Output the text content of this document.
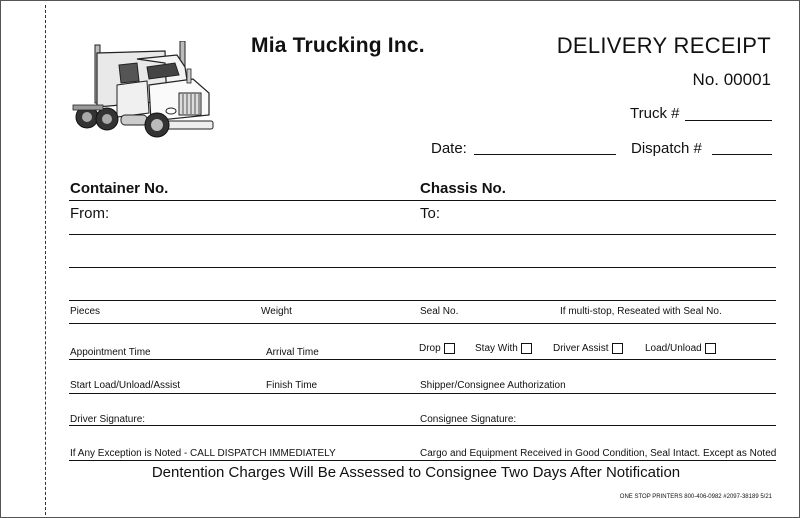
Mia Trucking Inc.	DELIVERY RECEIPT
No. 00001
Truck #
Date:	Dispatch #
Container No.	Chassis No.
From:	To:
Pieces	Weight	Seal No.	If multi-stop, Reseated with Seal No.
Appointment Time	Arrival Time	Drop	Stay With	Driver Assist	Load/Unload
Start Load/Unload/Assist	Finish Time	Shipper/Consignee Authorization
Driver Signature:	Consignee Signature:
If Any Exception is Noted - CALL DISPATCH IMMEDIATELY	Cargo and Equipment Received in Good Condition, Seal Intact. Except as Noted
Dentention Charges Will Be Assessed to Consignee Two Days After Notification
ONE STOP PRINTERS 800-406-0982 #2097-38189 5/21
